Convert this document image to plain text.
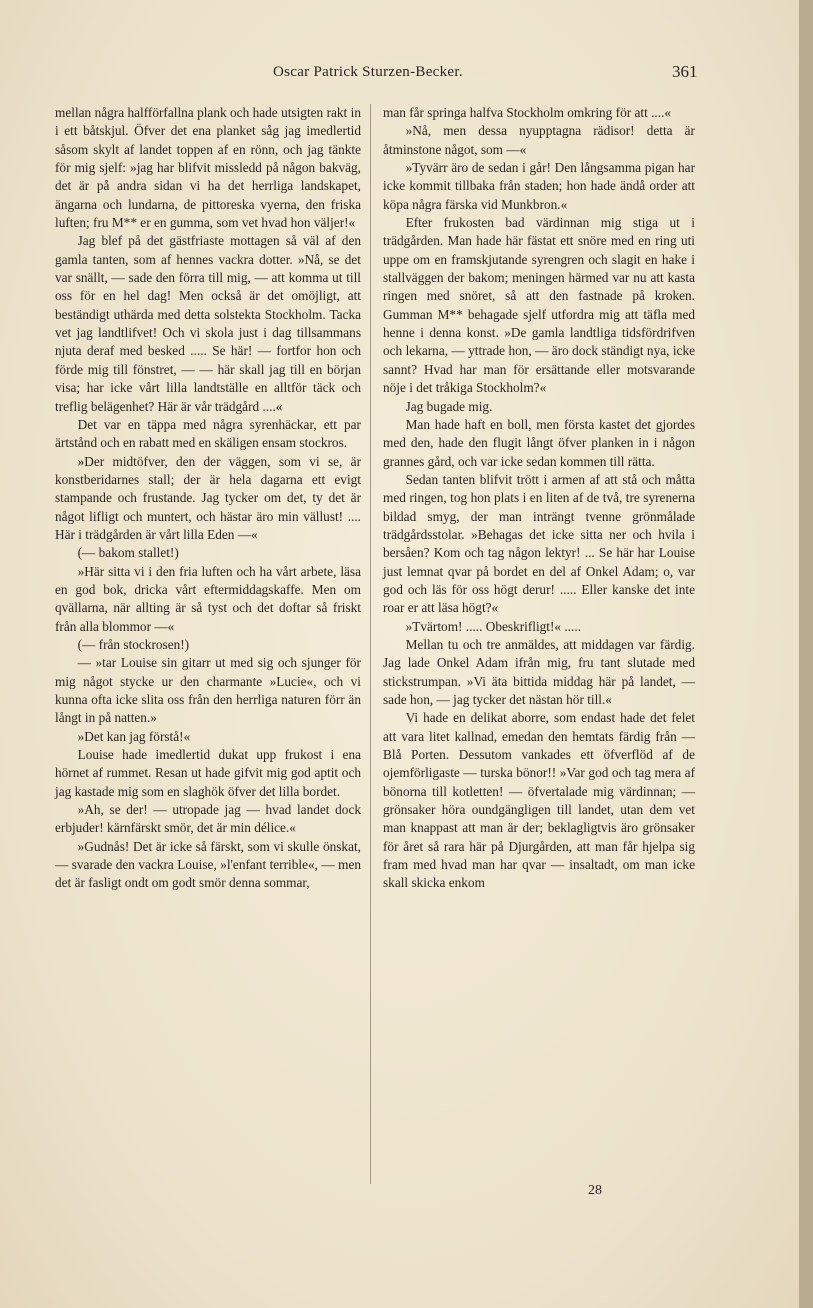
Oscar Patrick Sturzen-Becker.	361

mellan några halfförfallna plank och hade utsigten rakt in i ett båtskjul. Öfver det ena planket såg jag imedlertid såsom skylt af landet toppen af en rönn, och jag tänkte för mig sjelf: »jag har blifvit missledd på någon bakväg, det är på andra sidan vi ha det herrliga landskapet, ängarna och lundarna, de pittoreska vyerna, den friska luften; fru M** er en gumma, som vet hvad hon väljer!«

Jag blef på det gästfriaste mottagen så väl af den gamla tanten, som af hennes vackra dotter. »Nå, se det var snällt, — sade den förra till mig, — att komma ut till oss för en hel dag! Men också är det omöjligt, att beständigt uthärda med detta solstekta Stockholm. Tacka vet jag landtlifvet! Och vi skola just i dag tillsammans njuta deraf med besked ..... Se här! — fortfor hon och förde mig till fönstret, — — här skall jag till en början visa; har icke vårt lilla landtställe en alltför täck och treflig belägenhet? Här är vår trädgård ....«

Det var en täppa med några syrenhäckar, ett par ärtstånd och en rabatt med en skäligen ensam stockros.

»Der midtöfver, den der väggen, som vi se, är konstberidarnes stall; der är hela dagarna ett evigt stampande och frustande. Jag tycker om det, ty det är något lifligt och muntert, och hästar äro min vällust! .... Här i trädgården är vårt lilla Eden —«

(— bakom stallet!)

»Här sitta vi i den fria luften och ha vårt arbete, läsa en god bok, dricka vårt eftermiddagskaffe. Men om qvällarna, när allting är så tyst och det doftar så friskt från alla blommor —«

(— från stockrosen!)

— »tar Louise sin gitarr ut med sig och sjunger för mig något stycke ur den charmante »Lucie«, och vi kunna ofta icke slita oss från den herrliga naturen förr än långt in på natten.»

»Det kan jag förstå!«

Louise hade imedlertid dukat upp frukost i ena hörnet af rummet. Resan ut hade gifvit mig god aptit och jag kastade mig som en slaghök öfver det lilla bordet.

»Ah, se der! — utropade jag — hvad landet dock erbjuder! kärnfärskt smör, det är min délice.«

»Gudnås! Det är icke så färskt, som vi skulle önskat, — svarade den vackra Louise, »l'enfant terrible«, — men det är fasligt ondt om godt smör denna sommar,

man får springa halfva Stockholm omkring för att ....«

»Nå, men dessa nyupptagna rädisor! detta är åtminstone något, som —«

»Tyvärr äro de sedan i går! Den långsamma pigan har icke kommit tillbaka från staden; hon hade ändå order att köpa några färska vid Munkbron.«

Efter frukosten bad värdinnan mig stiga ut i trädgården. Man hade här fästat ett snöre med en ring uti uppe om en framskjutande syrengren och slagit en hake i stallväggen der bakom; meningen härmed var nu att kasta ringen med snöret, så att den fastnade på kroken. Gumman M** behagade sjelf utfordra mig att täfla med henne i denna konst. »De gamla landtliga tidsfördrifven och lekarna, — yttrade hon, — äro dock ständigt nya, icke sannt? Hvad har man för ersättande eller motsvarande nöje i det tråkiga Stockholm?«

Jag bugade mig.

Man hade haft en boll, men första kastet det gjordes med den, hade den flugit långt öfver planken in i någon grannes gård, och var icke sedan kommen till rätta.

Sedan tanten blifvit trött i armen af att stå och måtta med ringen, tog hon plats i en liten af de två, tre syrenerna bildad smyg, der man inträngt tvenne grönmålade trädgårdsstolar. »Behagas det icke sitta ner och hvila i bersåen? Kom och tag någon lektyr! ... Se här har Louise just lemnat qvar på bordet en del af Onkel Adam; o, var god och läs för oss högt derur! ..... Eller kanske det inte roar er att läsa högt?«

»Tvärtom! ..... Obeskrifligt!« .....

Mellan tu och tre anmäldes, att middagen var färdig. Jag lade Onkel Adam ifrån mig, fru tant slutade med stickstrumpan. »Vi äta bittida middag här på landet, — sade hon, — jag tycker det nästan hör till.«

Vi hade en delikat aborre, som endast hade det felet att vara litet kallnad, emedan den hemtats färdig från — Blå Porten. Dessutom vankades ett öfverflöd af de ojemförligaste — turska bönor!! »Var god och tag mera af bönorna till kotletten! — öfvertalade mig värdinnan; — grönsaker höra oundgängligen till landet, utan dem vet man knappast att man är der; beklagligtvis äro grönsaker för året så rara här på Djurgården, att man får hjelpa sig fram med hvad man har qvar — insaltadt, om man icke skall skicka enkom

28
